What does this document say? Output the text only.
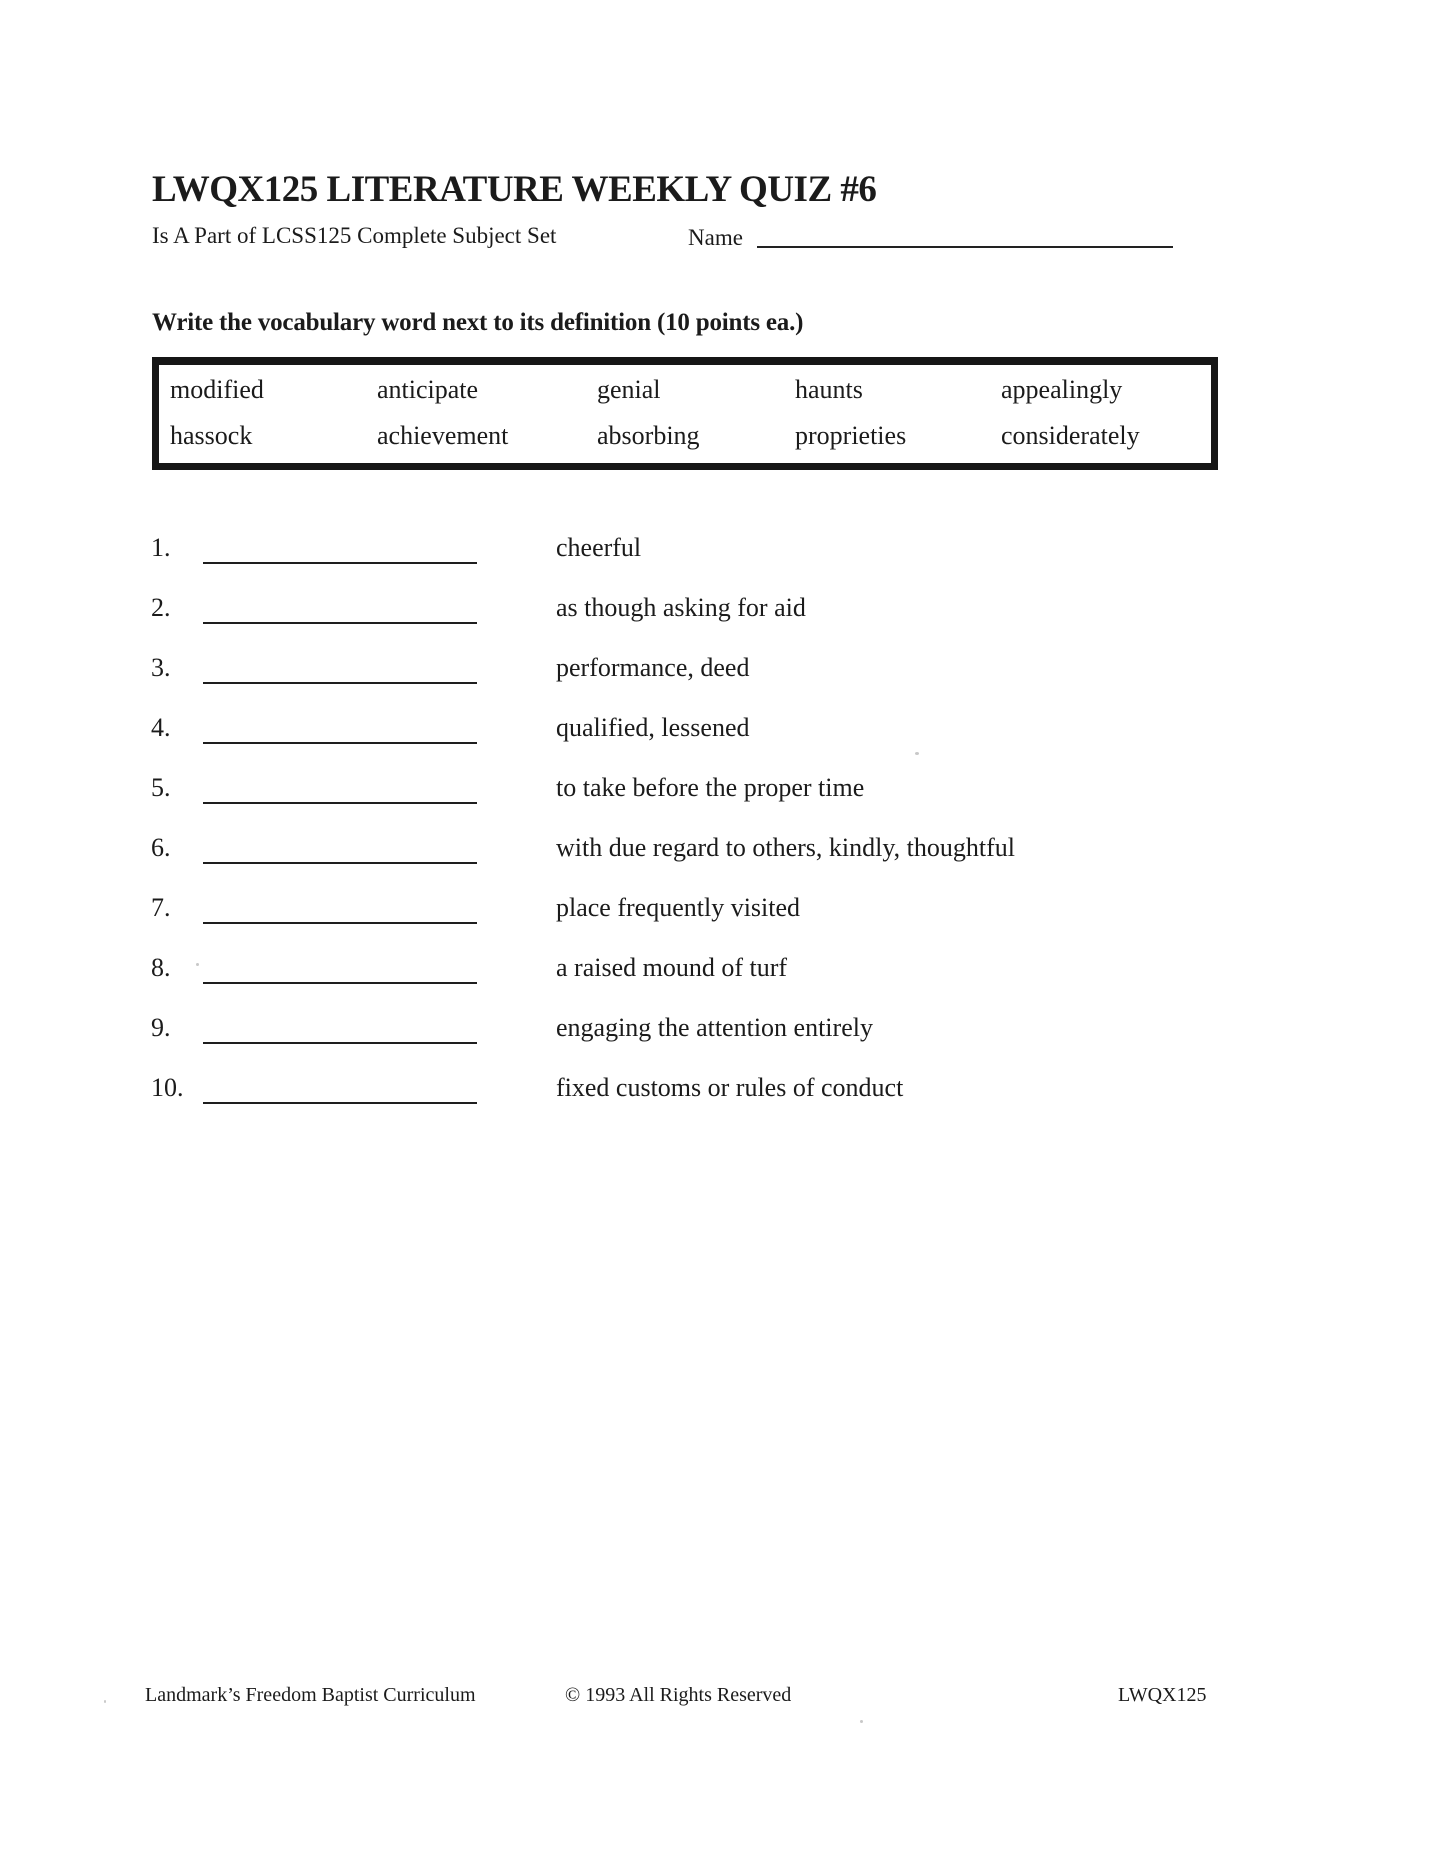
LWQX125 LITERATURE WEEKLY QUIZ #6
Is A Part of LCSS125 Complete Subject Set	Name
Write the vocabulary word next to its definition (10 points ea.)
modified	anticipate	genial	haunts	appealingly
hassock	achievement	absorbing	proprieties	considerately
1.	cheerful
2.	as though asking for aid
3.	performance, deed
4.	qualified, lessened
5.	to take before the proper time
6.	with due regard to others, kindly, thoughtful
7.	place frequently visited
8.	a raised mound of turf
9.	engaging the attention entirely
10.	fixed customs or rules of conduct
Landmark’s Freedom Baptist Curriculum	© 1993 All Rights Reserved	LWQX125
